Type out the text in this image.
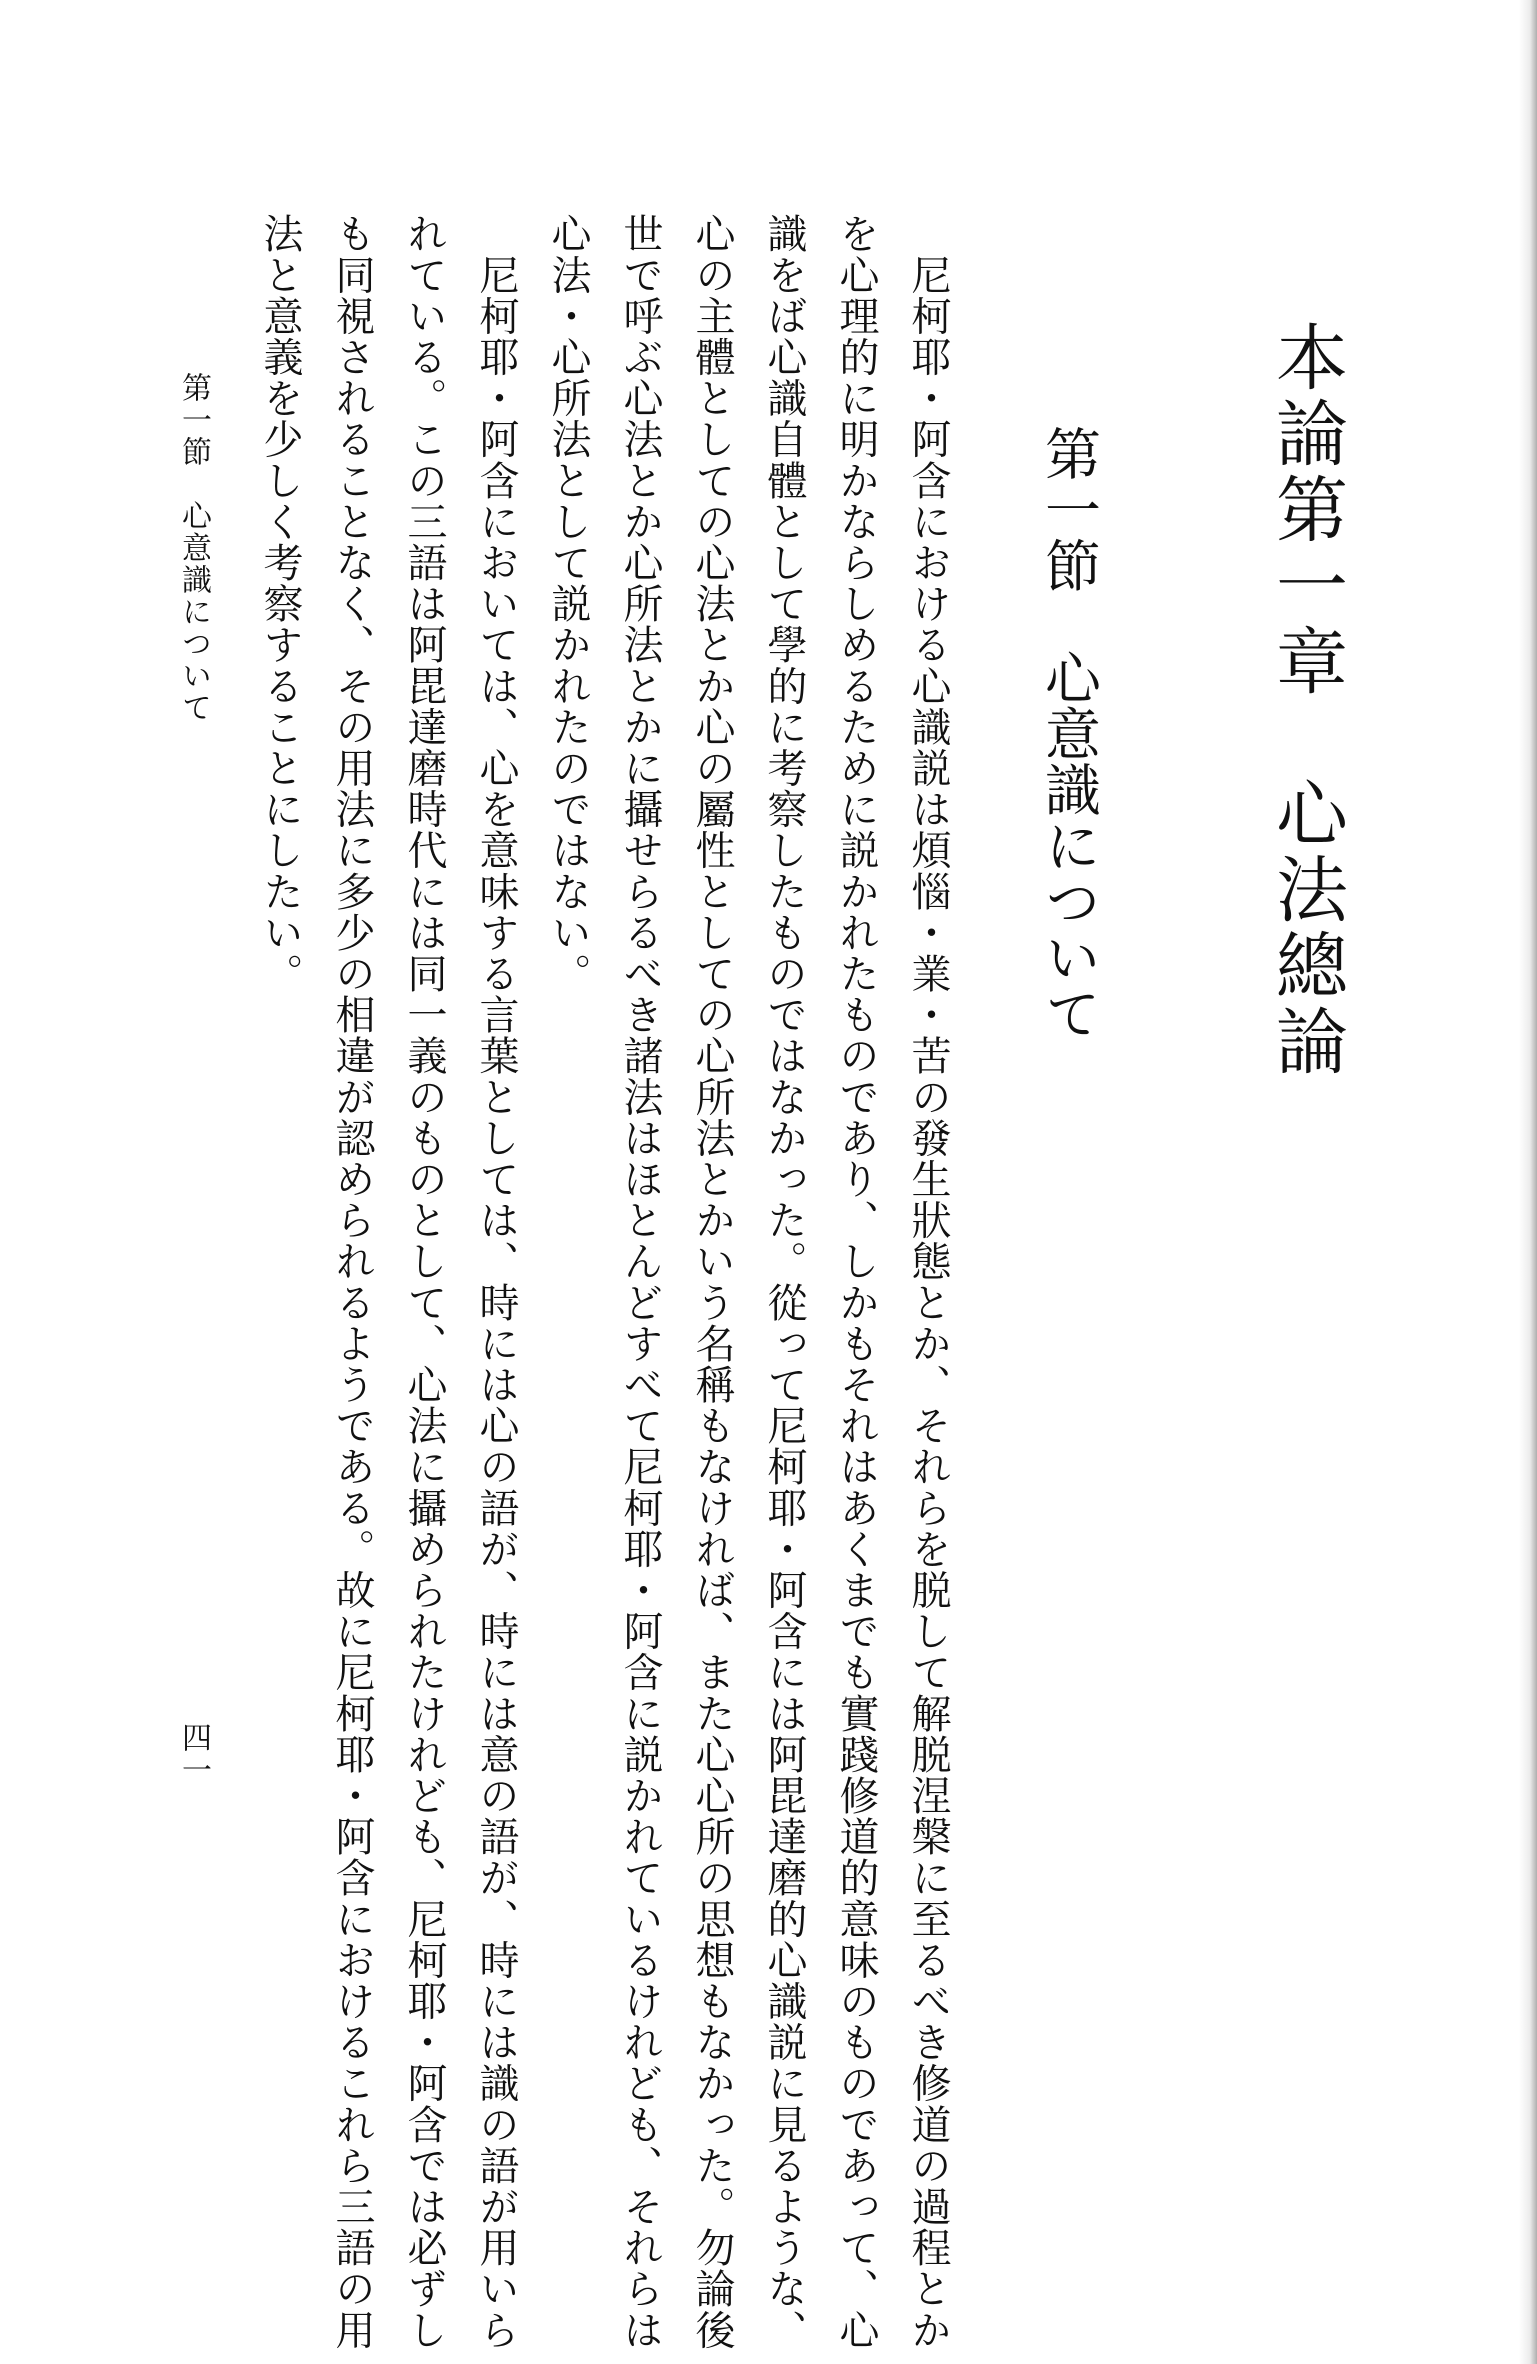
本論第一章　心法總論
第一節　心意識について
　尼柯耶・阿含における心識説は煩惱・業・苦の發生狀態とか、それらを脱して解脱涅槃に至るべき修道の過程とか
を心理的に明かならしめるために説かれたものであり、しかもそれはあくまでも實踐修道的意味のものであって、心
識をば心識自體として學的に考察したものではなかった。從って尼柯耶・阿含には阿毘達磨的心識説に見るような、
心の主體としての心法とか心の屬性としての心所法とかいう名稱もなければ、また心心所の思想もなかった。勿論後
世で呼ぶ心法とか心所法とかに攝せらるべき諸法はほとんどすべて尼柯耶・阿含に説かれているけれども、それらは
心法・心所法として説かれたのではない。
　尼柯耶・阿含においては、心を意味する言葉としては、時には心の語が、時には意の語が、時には識の語が用いら
れている。この三語は阿毘達磨時代には同一義のものとして、心法に攝められたけれども、尼柯耶・阿含では必ずし
も同視されることなく、その用法に多少の相違が認められるようである。故に尼柯耶・阿含におけるこれら三語の用
法と意義を少しく考察することにしたい。
第一節　心意識について
四一
